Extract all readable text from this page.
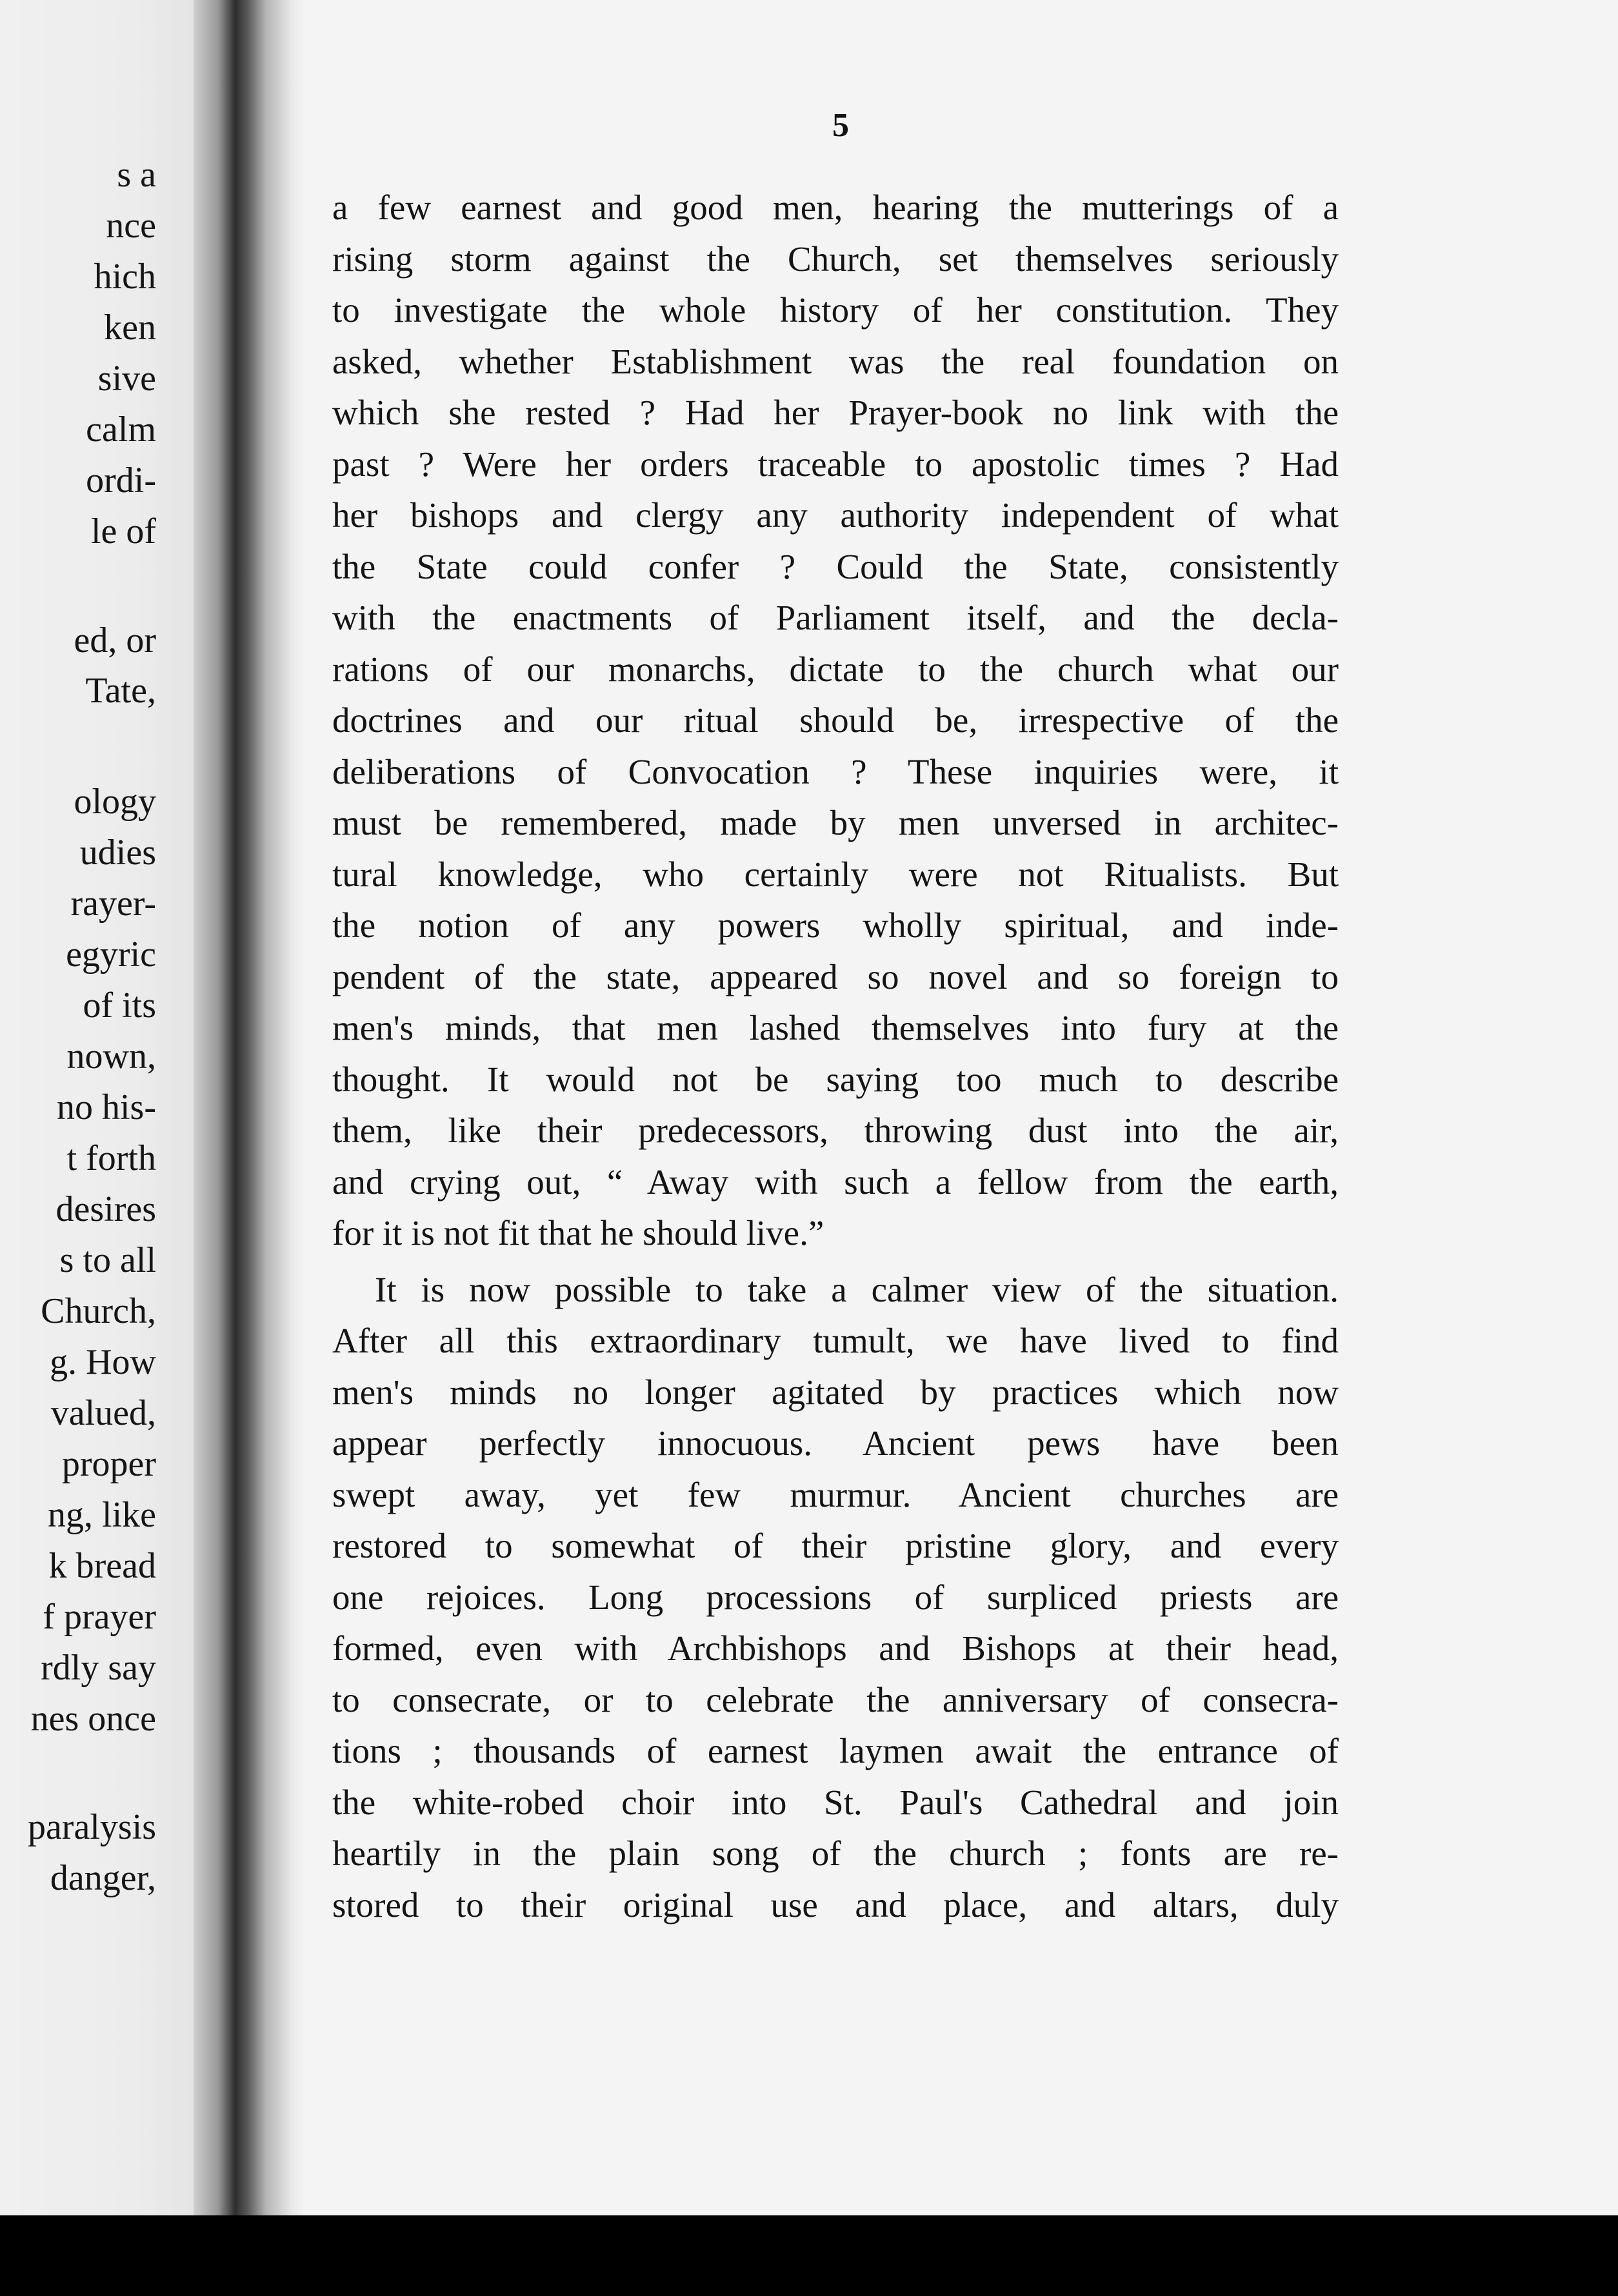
s a
nce
hich
ken
sive
calm
ordi-
le of
ed, or
Tate,
ology
udies
rayer-
egyric
of its
nown,
no his-
t forth
desires
s to all
Church,
g. How
valued,
proper
ng, like
k bread
f prayer
rdly say
nes once
paralysis
danger,
5
a few earnest and good men, hearing the mutterings of a
rising storm against the Church, set themselves seriously
to investigate the whole history of her constitution. They
asked, whether Establishment was the real foundation on
which she rested ? Had her Prayer-book no link with the
past ? Were her orders traceable to apostolic times ? Had
her bishops and clergy any authority independent of what
the State could confer ? Could the State, consistently
with the enactments of Parliament itself, and the decla-
rations of our monarchs, dictate to the church what our
doctrines and our ritual should be, irrespective of the
deliberations of Convocation ? These inquiries were, it
must be remembered, made by men unversed in architec-
tural knowledge, who certainly were not Ritualists. But
the notion of any powers wholly spiritual, and inde-
pendent of the state, appeared so novel and so foreign to
men's minds, that men lashed themselves into fury at the
thought. It would not be saying too much to describe
them, like their predecessors, throwing dust into the air,
and crying out, “ Away with such a fellow from the earth,
for it is not fit that he should live.”
It is now possible to take a calmer view of the situation.
After all this extraordinary tumult, we have lived to find
men's minds no longer agitated by practices which now
appear perfectly innocuous. Ancient pews have been
swept away, yet few murmur. Ancient churches are
restored to somewhat of their pristine glory, and every
one rejoices. Long processions of surpliced priests are
formed, even with Archbishops and Bishops at their head,
to consecrate, or to celebrate the anniversary of consecra-
tions ; thousands of earnest laymen await the entrance of
the white-robed choir into St. Paul's Cathedral and join
heartily in the plain song of the church ; fonts are re-
stored to their original use and place, and altars, duly
